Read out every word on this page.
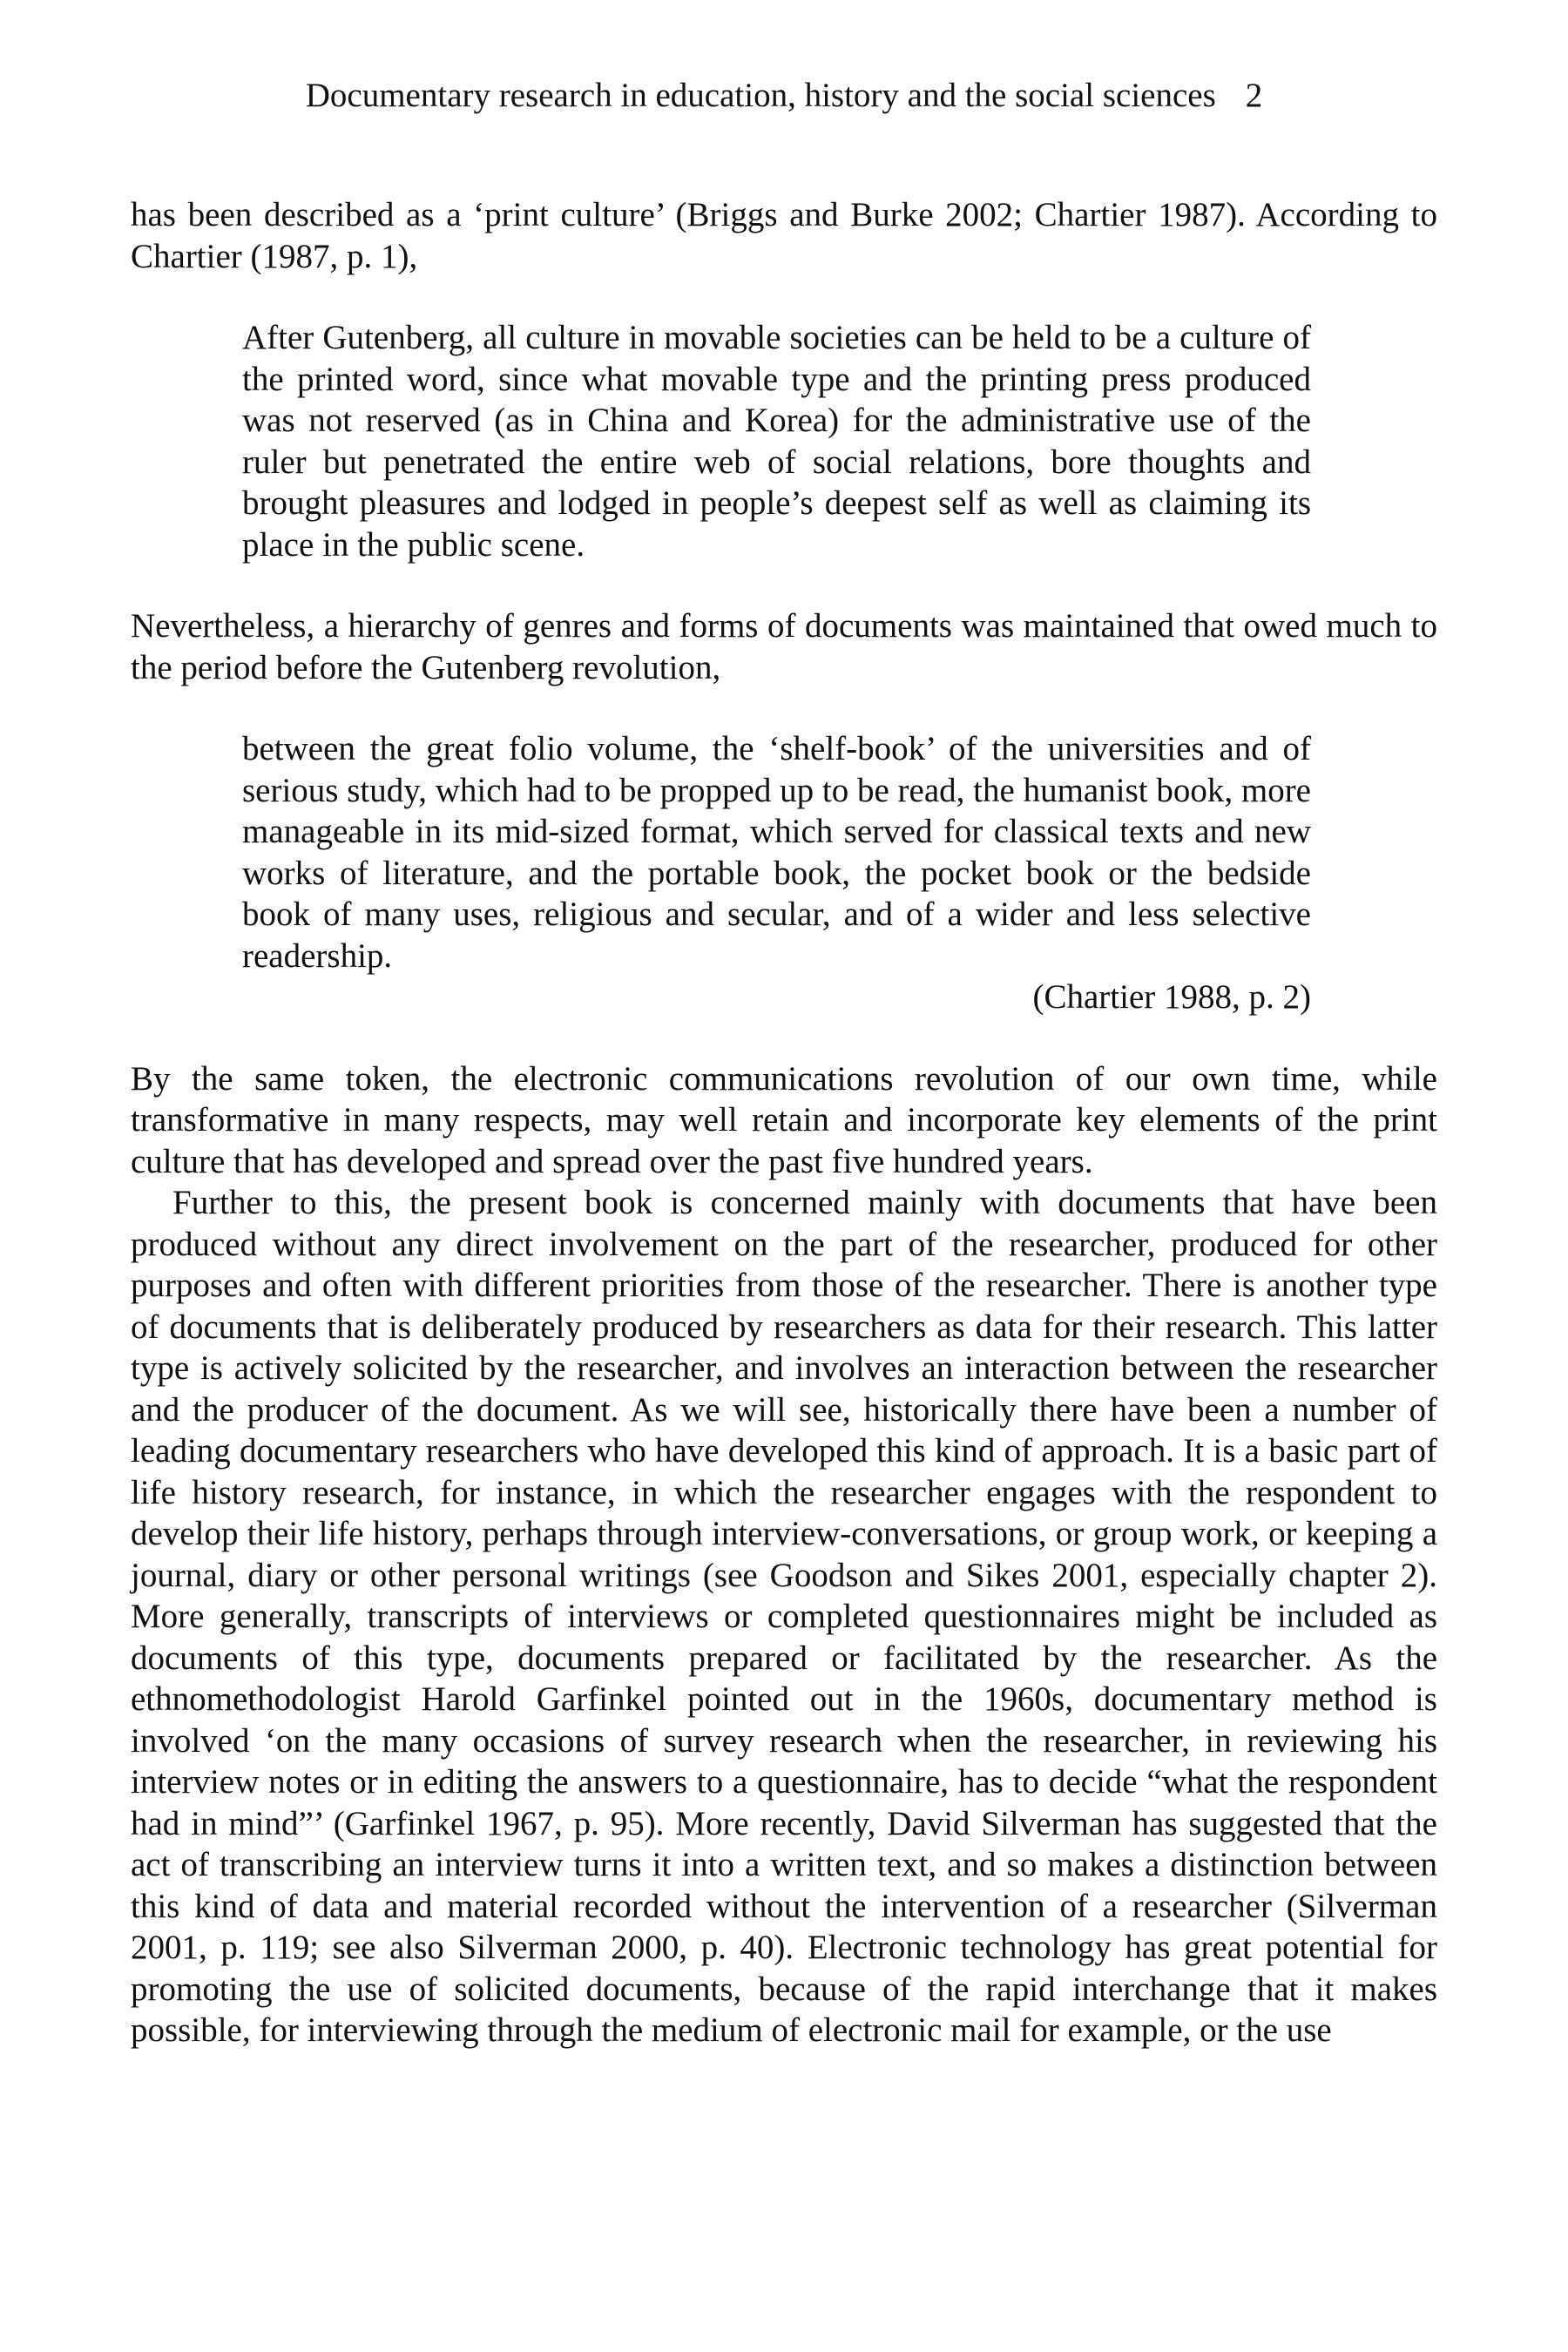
Documentary research in education, history and the social sciences 2

has been described as a ‘print culture’ (Briggs and Burke 2002; Chartier 1987). According to Chartier (1987, p. 1),

After Gutenberg, all culture in movable societies can be held to be a culture of the printed word, since what movable type and the printing press produced was not reserved (as in China and Korea) for the administrative use of the ruler but penetrated the entire web of social relations, bore thoughts and brought pleasures and lodged in people’s deepest self as well as claiming its place in the public scene.

Nevertheless, a hierarchy of genres and forms of documents was maintained that owed much to the period before the Gutenberg revolution,

between the great folio volume, the ‘shelf-book’ of the universities and of serious study, which had to be propped up to be read, the humanist book, more manageable in its mid-sized format, which served for classical texts and new works of literature, and the portable book, the pocket book or the bedside book of many uses, religious and secular, and of a wider and less selective readership.

(Chartier 1988, p. 2)

By the same token, the electronic communications revolution of our own time, while transformative in many respects, may well retain and incorporate key elements of the print culture that has developed and spread over the past five hundred years.

Further to this, the present book is concerned mainly with documents that have been produced without any direct involvement on the part of the researcher, produced for other purposes and often with different priorities from those of the researcher. There is another type of documents that is deliberately produced by researchers as data for their research. This latter type is actively solicited by the researcher, and involves an interaction between the researcher and the producer of the document. As we will see, historically there have been a number of leading documentary researchers who have developed this kind of approach. It is a basic part of life history research, for instance, in which the researcher engages with the respondent to develop their life history, perhaps through interview-conversations, or group work, or keeping a journal, diary or other personal writings (see Goodson and Sikes 2001, especially chapter 2). More generally, transcripts of interviews or completed questionnaires might be included as documents of this type, documents prepared or facilitated by the researcher. As the ethnomethodologist Harold Garfinkel pointed out in the 1960s, documentary method is involved ‘on the many occasions of survey research when the researcher, in reviewing his interview notes or in editing the answers to a questionnaire, has to decide “what the respondent had in mind”’ (Garfinkel 1967, p. 95). More recently, David Silverman has suggested that the act of transcribing an interview turns it into a written text, and so makes a distinction between this kind of data and material recorded without the intervention of a researcher (Silverman 2001, p. 119; see also Silverman 2000, p. 40). Electronic technology has great potential for promoting the use of solicited documents, because of the rapid interchange that it makes possible, for interviewing through the medium of electronic mail for example, or the use
